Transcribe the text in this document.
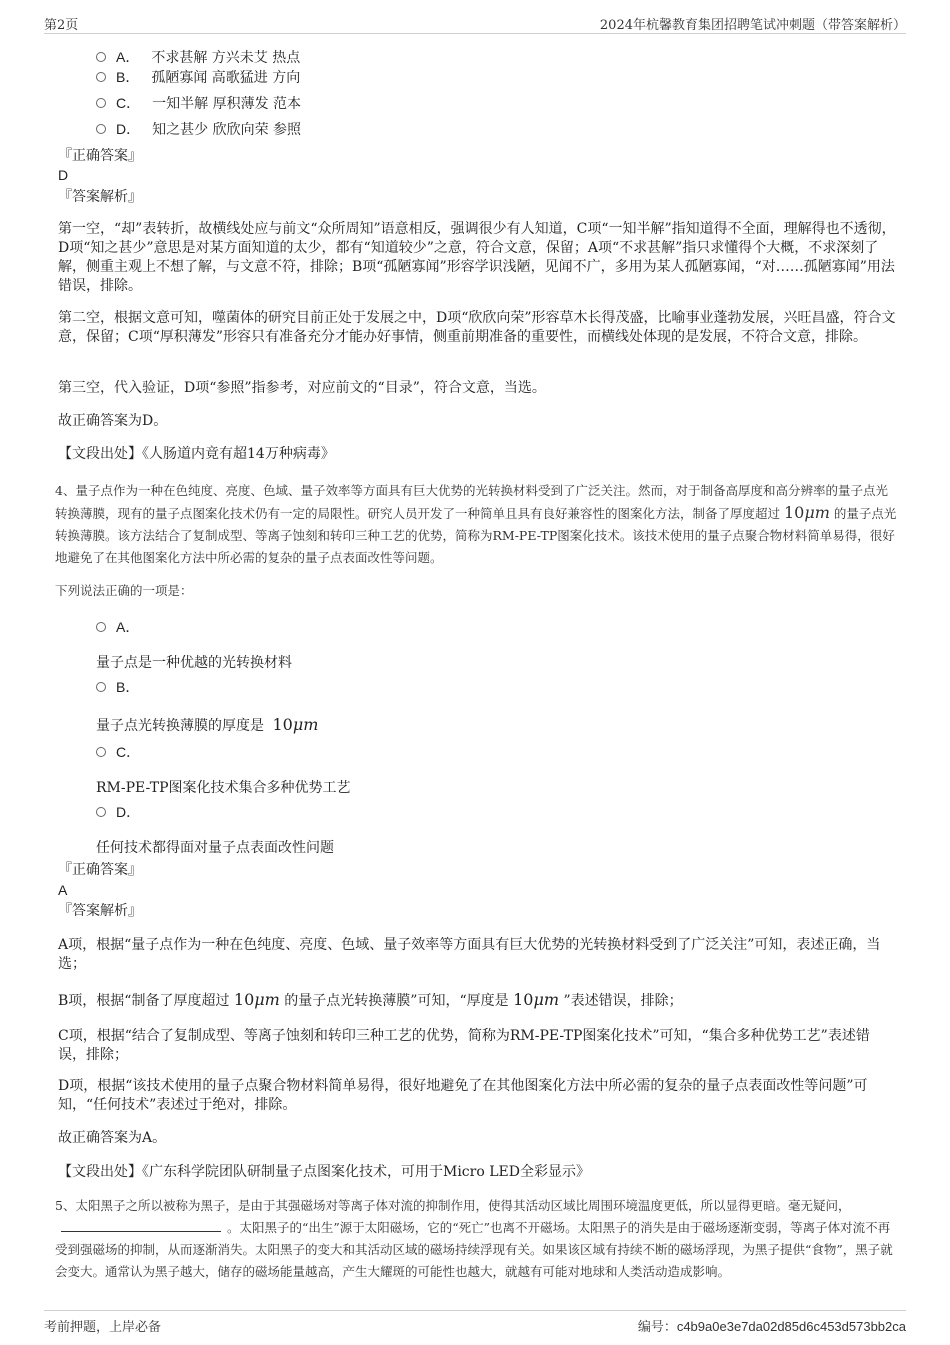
第2页	2024年杭馨教育集团招聘笔试冲刺题（带答案解析）
A． 不求甚解 方兴未艾 热点
B． 孤陋寡闻 高歌猛进 方向
C． 一知半解 厚积薄发 范本
D． 知之甚少 欣欣向荣 参照
『正确答案』
D
『答案解析』

第一空，“却”表转折，故横线处应与前文“众所周知”语意相反，强调很少有人知道，C项“一知半解”指知道得不全面，理解得也不透彻，D项“知之甚少”意思是对某方面知道的太少，都有“知道较少”之意，符合文意，保留；A项“不求甚解”指只求懂得个大概，不求深刻了解，侧重主观上不想了解，与文意不符，排除；B项“孤陋寡闻”形容学识浅陋，见闻不广，多用为某人孤陋寡闻，“对……孤陋寡闻”用法错误，排除。

第二空，根据文意可知，噬菌体的研究目前正处于发展之中，D项“欣欣向荣”形容草木长得茂盛，比喻事业蓬勃发展，兴旺昌盛，符合文意，保留；C项“厚积薄发”形容只有准备充分才能办好事情，侧重前期准备的重要性，而横线处体现的是发展，不符合文意，排除。

第三空，代入验证，D项“参照”指参考，对应前文的“目录”，符合文意，当选。

故正确答案为D。

【文段出处】《人肠道内竟有超14万种病毒》

4、量子点作为一种在色纯度、亮度、色域、量子效率等方面具有巨大优势的光转换材料受到了广泛关注。然而，对于制备高厚度和高分辨率的量子点光转换薄膜，现有的量子点图案化技术仍有一定的局限性。研究人员开发了一种简单且具有良好兼容性的图案化方法，制备了厚度超过 10μm 的量子点光转换薄膜。该方法结合了复制成型、等离子蚀刻和转印三种工艺的优势，简称为RM-PE-TP图案化技术。该技术使用的量子点聚合物材料简单易得，很好地避免了在其他图案化方法中所必需的复杂的量子点表面改性等问题。

下列说法正确的一项是：

A．
量子点是一种优越的光转换材料
B．
量子点光转换薄膜的厚度是 10μm
C．
RM-PE-TP图案化技术集合多种优势工艺
D．
任何技术都得面对量子点表面改性问题
『正确答案』
A
『答案解析』

A项，根据“量子点作为一种在色纯度、亮度、色域、量子效率等方面具有巨大优势的光转换材料受到了广泛关注”可知，表述正确，当选；

B项，根据“制备了厚度超过 10μm 的量子点光转换薄膜”可知，“厚度是 10μm ”表述错误，排除；

C项，根据“结合了复制成型、等离子蚀刻和转印三种工艺的优势，简称为RM-PE-TP图案化技术”可知，“集合多种优势工艺”表述错误，排除；

D项，根据“该技术使用的量子点聚合物材料简单易得，很好地避免了在其他图案化方法中所必需的复杂的量子点表面改性等问题”可知，“任何技术”表述过于绝对，排除。

故正确答案为A。

【文段出处】《广东科学院团队研制量子点图案化技术，可用于Micro LED全彩显示》

5、太阳黑子之所以被称为黑子，是由于其强磁场对等离子体对流的抑制作用，使得其活动区域比周围环境温度更低，所以显得更暗。毫无疑问，。太阳黑子的“出生”源于太阳磁场，它的“死亡”也离不开磁场。太阳黑子的消失是由于磁场逐渐变弱，等离子体对流不再受到强磁场的抑制，从而逐渐消失。太阳黑子的变大和其活动区域的磁场持续浮现有关。如果该区域有持续不断的磁场浮现，为黑子提供“食物”，黑子就会变大。通常认为黑子越大，储存的磁场能量越高，产生大耀斑的可能性也越大，就越有可能对地球和人类活动造成影响。

考前押题，上岸必备	编号：c4b9a0e3e7da02d85d6c453d573bb2ca
